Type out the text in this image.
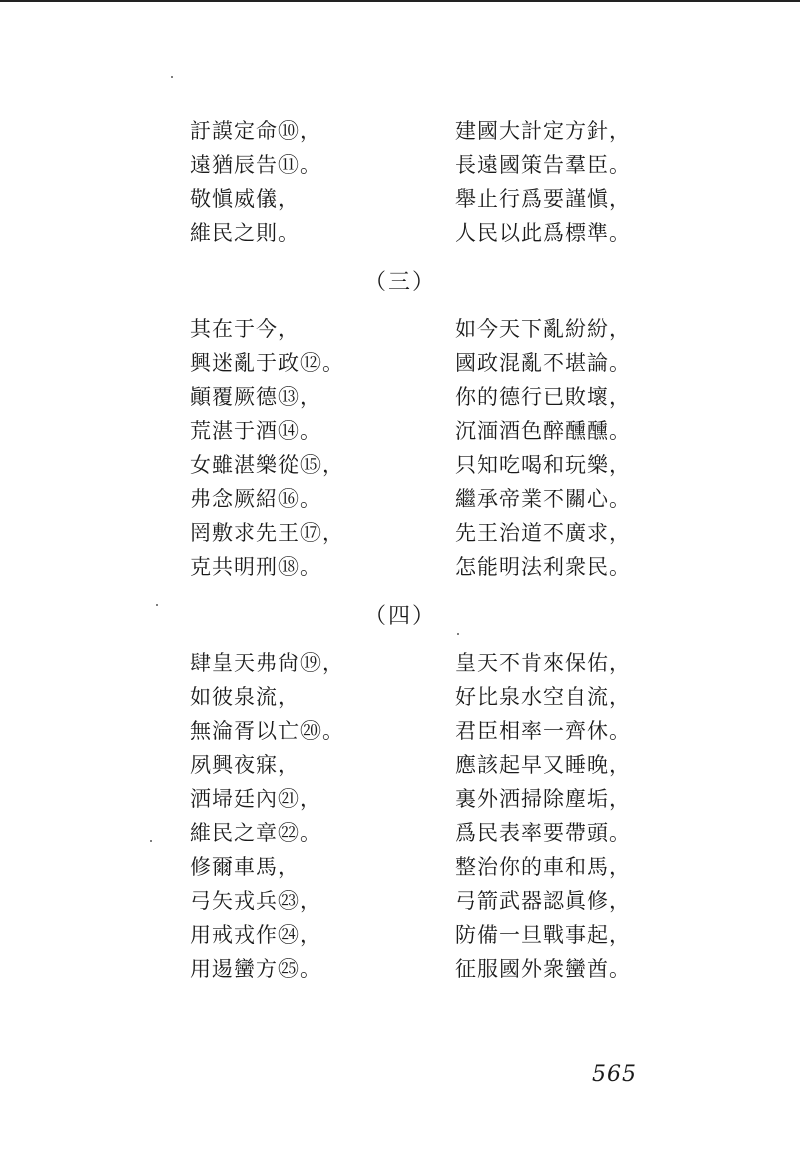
訏謨定命⑩，	建國大計定方針，
遠猶辰告⑪。	長遠國策告羣臣。
敬愼威儀，	舉止行爲要謹愼，
維民之則。	人民以此爲標準。
（三）
其在于今，	如今天下亂紛紛，
興迷亂于政⑫。	國政混亂不堪論。
顚覆厥德⑬，	你的德行已敗壞，
荒湛于酒⑭。	沉湎酒色醉醺醺。
女雖湛樂從⑮，	只知吃喝和玩樂，
弗念厥紹⑯。	繼承帝業不關心。
罔敷求先王⑰，	先王治道不廣求，
克共明刑⑱。	怎能明法利衆民。
（四）
肆皇天弗尙⑲，	皇天不肯來保佑，
如彼泉流，	好比泉水空自流，
無淪胥以亡⑳。	君臣相率一齊休。
夙興夜寐，	應該起早又睡晚，
洒埽廷內㉑，	裏外洒掃除塵垢，
維民之章㉒。	爲民表率要帶頭。
修爾車馬，	整治你的車和馬，
弓矢戎兵㉓，	弓箭武器認眞修，
用戒戎作㉔，	防備一旦戰事起，
用逷蠻方㉕。	征服國外衆蠻酋。
565
